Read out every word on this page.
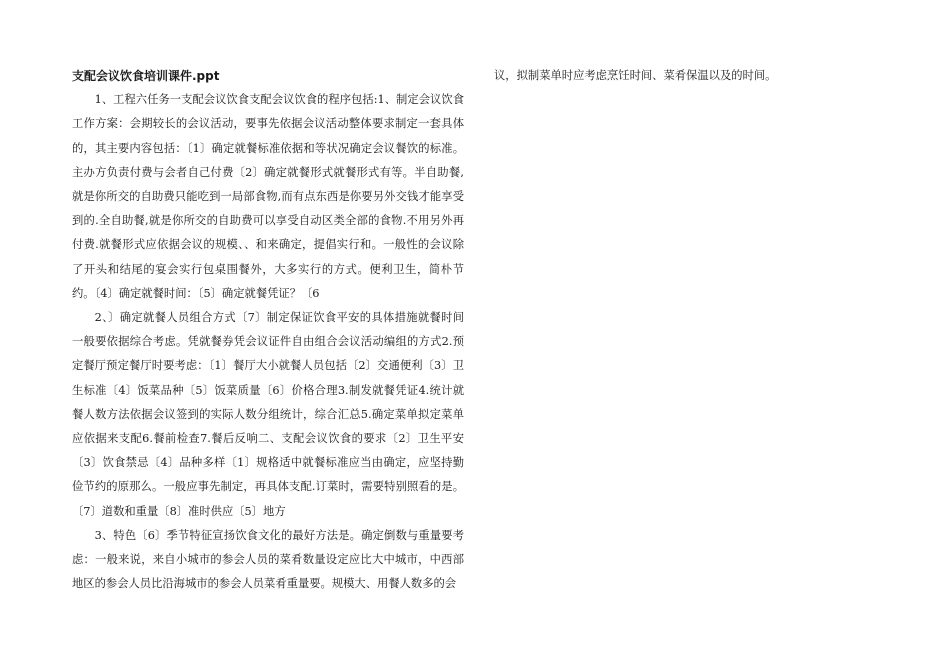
支配会议饮食培训课件.ppt

1、工程六任务一支配会议饮食支配会议饮食的程序包括:1、制定会议饮食工作方案：会期较长的会议活动，要事先依据会议活动整体要求制定一套具体的，其主要内容包括：〔1〕确定就餐标准依据和等状况确定会议餐饮的标准。主办方负责付费与会者自己付费〔2〕确定就餐形式就餐形式有等。半自助餐,就是你所交的自助费只能吃到一局部食物,而有点东西是你要另外交钱才能享受到的.全自助餐,就是你所交的自助费可以享受自动区类全部的食物.不用另外再付费.就餐形式应依据会议的规模、、和来确定，提倡实行和。一般性的会议除了开头和结尾的宴会实行包桌围餐外，大多实行的方式。便利卫生，简朴节约。〔4〕确定就餐时间：〔5〕确定就餐凭证？〔6

2、〕确定就餐人员组合方式〔7〕制定保证饮食平安的具体措施就餐时间一般要依据综合考虑。凭就餐券凭会议证件自由组合会议活动编组的方式2.预定餐厅预定餐厅时要考虑：〔1〕餐厅大小就餐人员包括〔2〕交通便利〔3〕卫生标准〔4〕饭菜品种〔5〕饭菜质量〔6〕价格合理3.制发就餐凭证4.统计就餐人数方法依据会议签到的实际人数分组统计，综合汇总5.确定菜单拟定菜单应依据来支配6.餐前检查7.餐后反响二、支配会议饮食的要求〔2〕卫生平安〔3〕饮食禁忌〔4〕品种多样〔1〕规格适中就餐标准应当由确定，应坚持勤俭节约的原那么。一般应事先制定，再具体支配.订菜时，需要特别照看的是。〔7〕道数和重量〔8〕准时供应〔5〕地方

3、特色〔6〕季节特征宣扬饮食文化的最好方法是。确定倒数与重量要考虑：一般来说，来自小城市的参会人员的菜肴数量设定应比大中城市，中西部地区的参会人员比沿海城市的参会人员菜肴重量要。规模大、用餐人数多的会

议，拟制菜单时应考虑烹饪时间、菜肴保温以及的时间。
